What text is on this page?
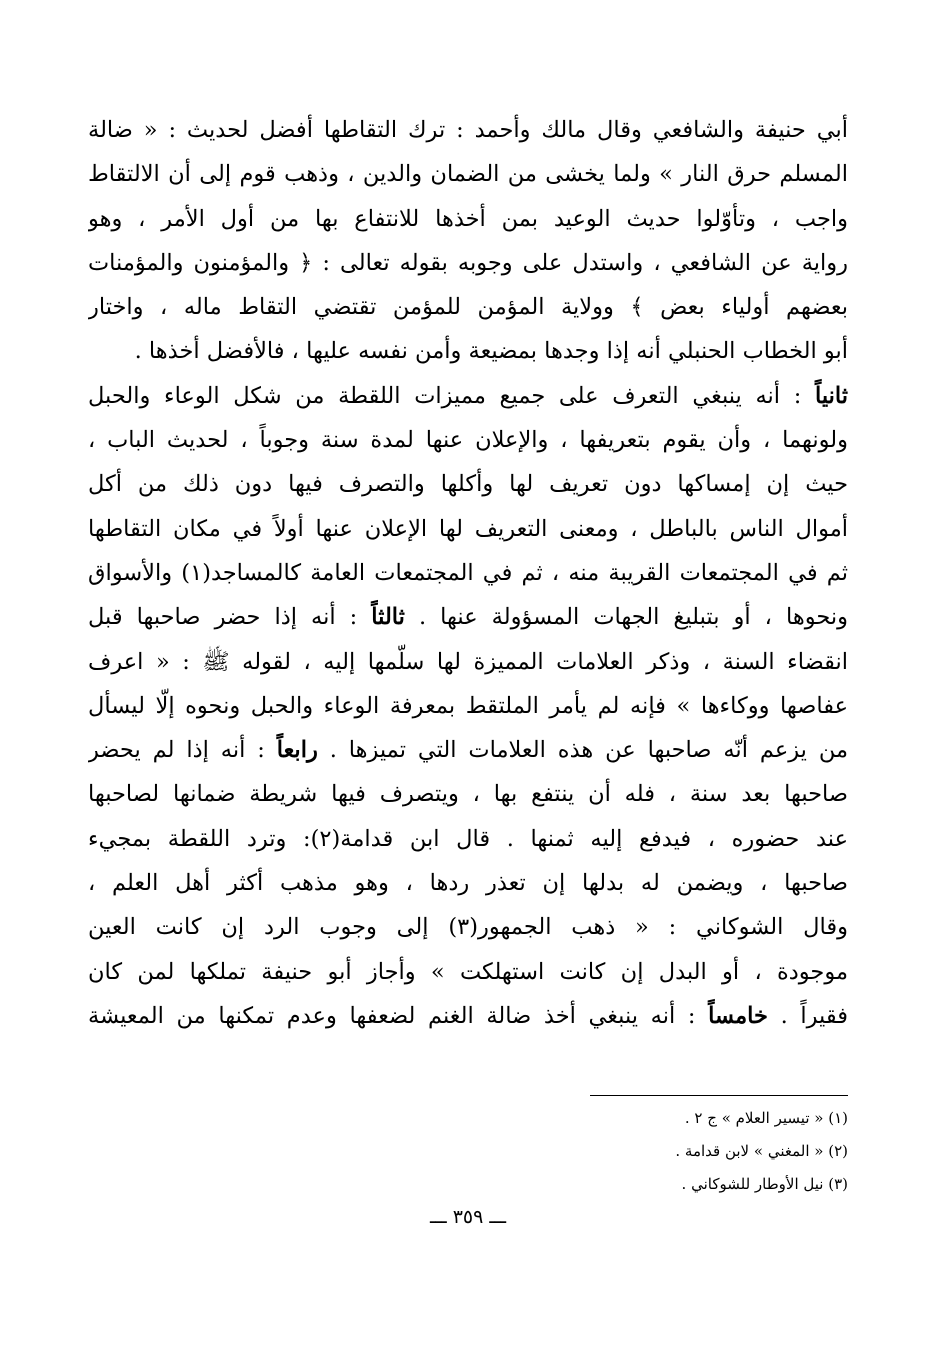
أبي حنيفة والشافعي وقال مالك وأحمد : ترك التقاطها أفضل لحديث : « ضالة
المسلم حرق النار » ولما يخشى من الضمان والدين ، وذهب قوم إلى أن الالتقاط
واجب ، وتأوّلوا حديث الوعيد بمن أخذها للانتفاع بها من أول الأمر ، وهو
رواية عن الشافعي ، واستدل على وجوبه بقوله تعالى : ﴿ والمؤمنون والمؤمنات
بعضهم أولياء بعض ﴾ وولاية المؤمن للمؤمن تقتضي التقاط ماله ، واختار
أبو الخطاب الحنبلي أنه إذا وجدها بمضيعة وأمن نفسه عليها ، فالأفضل أخذها .
ثانياً : أنه ينبغي التعرف على جميع مميزات اللقطة من شكل الوعاء والحبل
ولونهما ، وأن يقوم بتعريفها ، والإعلان عنها لمدة سنة وجوباً ، لحديث الباب ،
حيث إن إمساكها دون تعريف لها وأكلها والتصرف فيها دون ذلك من أكل
أموال الناس بالباطل ، ومعنى التعريف لها الإعلان عنها أولاً في مكان التقاطها
ثم في المجتمعات القريبة منه ، ثم في المجتمعات العامة كالمساجد(١) والأسواق
ونحوها ، أو بتبليغ الجهات المسؤولة عنها . ثالثاً : أنه إذا حضر صاحبها قبل
انقضاء السنة ، وذكر العلامات المميزة لها سلّمها إليه ، لقوله ﷺ : « اعرف
عفاصها ووكاءها » فإنه لم يأمر الملتقط بمعرفة الوعاء والحبل ونحوه إلّا ليسأل
من يزعم أنّه صاحبها عن هذه العلامات التي تميزها . رابعاً : أنه إذا لم يحضر
صاحبها بعد سنة ، فله أن ينتفع بها ، ويتصرف فيها شريطة ضمانها لصاحبها
عند حضوره ، فيدفع إليه ثمنها . قال ابن قدامة(٢): وترد اللقطة بمجيء
صاحبها ، ويضمن له بدلها إن تعذر ردها ، وهو مذهب أكثر أهل العلم ،
وقال الشوكاني : « ذهب الجمهور(٣) إلى وجوب الرد إن كانت العين
موجودة ، أو البدل إن كانت استهلكت » وأجاز أبو حنيفة تملكها لمن كان
فقيراً . خامساً : أنه ينبغي أخذ ضالة الغنم لضعفها وعدم تمكنها من المعيشة
(١) « تيسير العلام » ج ٢ .
(٢) « المغني » لابن قدامة .
(٣) نيل الأوطار للشوكاني .
ـــ ٣٥٩ ـــ
